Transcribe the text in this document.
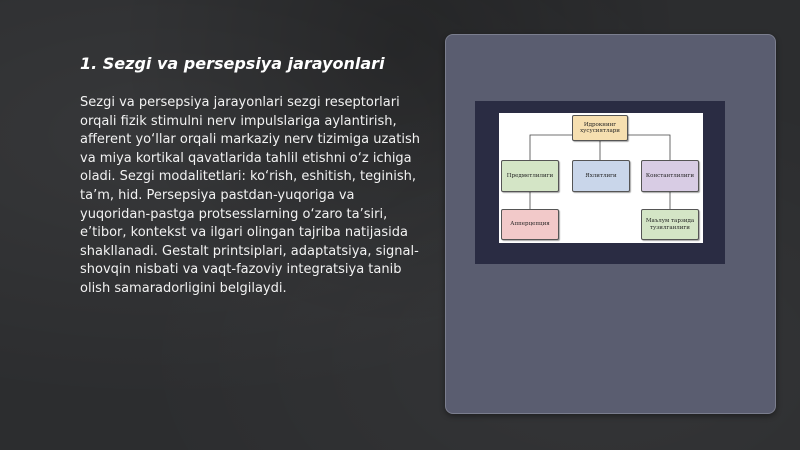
1. Sezgi va persepsiya jarayonlari

Sezgi va persepsiya jarayonlari sezgi reseptorlari orqali fizik stimulni nerv impulslariga aylantirish, afferent yo‘llar orqali markaziy nerv tizimiga uzatish va miya kortikal qavatlarida tahlil etishni o‘z ichiga oladi. Sezgi modalitetlari: ko‘rish, eshitish, teginish, ta’m, hid. Persepsiya pastdan-yuqoriga va yuqoridan-pastga protsesslarning o‘zaro ta’siri, e’tibor, kontekst va ilgari olingan tajriba natijasida shakllanadi. Gestalt printsiplari, adaptatsiya, signal-shovqin nisbati va vaqt-fazoviy integratsiya tanib olish samaradorligini belgilaydi.

Идрокнинг хусусиятлари
Предметлилиги	Яхлитлиги	Константлилиги
Апперцепция
Маълум тарзида тузилганлиги
